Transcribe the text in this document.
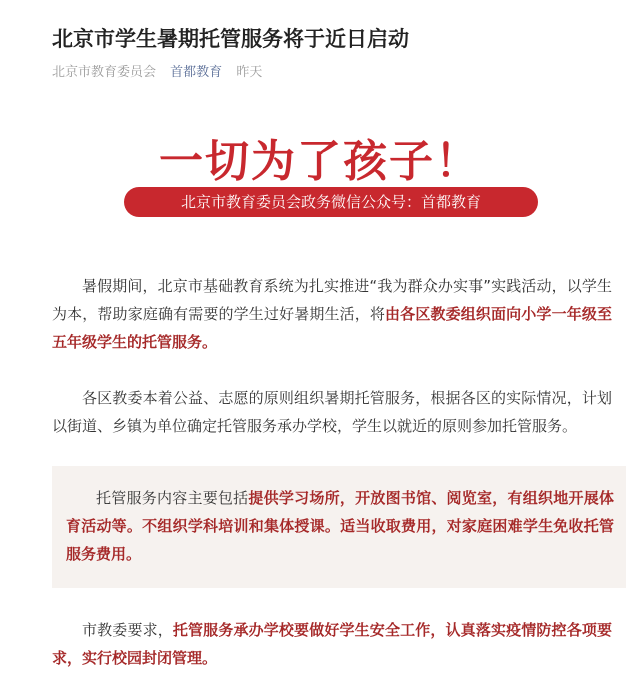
北京市学生暑期托管服务将于近日启动
北京市教育委员会 首都教育 昨天
一切为了孩子！
北京市教育委员会政务微信公众号：首都教育

暑假期间，北京市基础教育系统为扎实推进“我为群众办实事”实践活动，以学生为本，帮助家庭确有需要的学生过好暑期生活，将由各区教委组织面向小学一年级至五年级学生的托管服务。

各区教委本着公益、志愿的原则组织暑期托管服务，根据各区的实际情况，计划以街道、乡镇为单位确定托管服务承办学校，学生以就近的原则参加托管服务。

托管服务内容主要包括提供学习场所，开放图书馆、阅览室，有组织地开展体育活动等。不组织学科培训和集体授课。适当收取费用，对家庭困难学生免收托管服务费用。

市教委要求，托管服务承办学校要做好学生安全工作，认真落实疫情防控各项要求，实行校园封闭管理。
